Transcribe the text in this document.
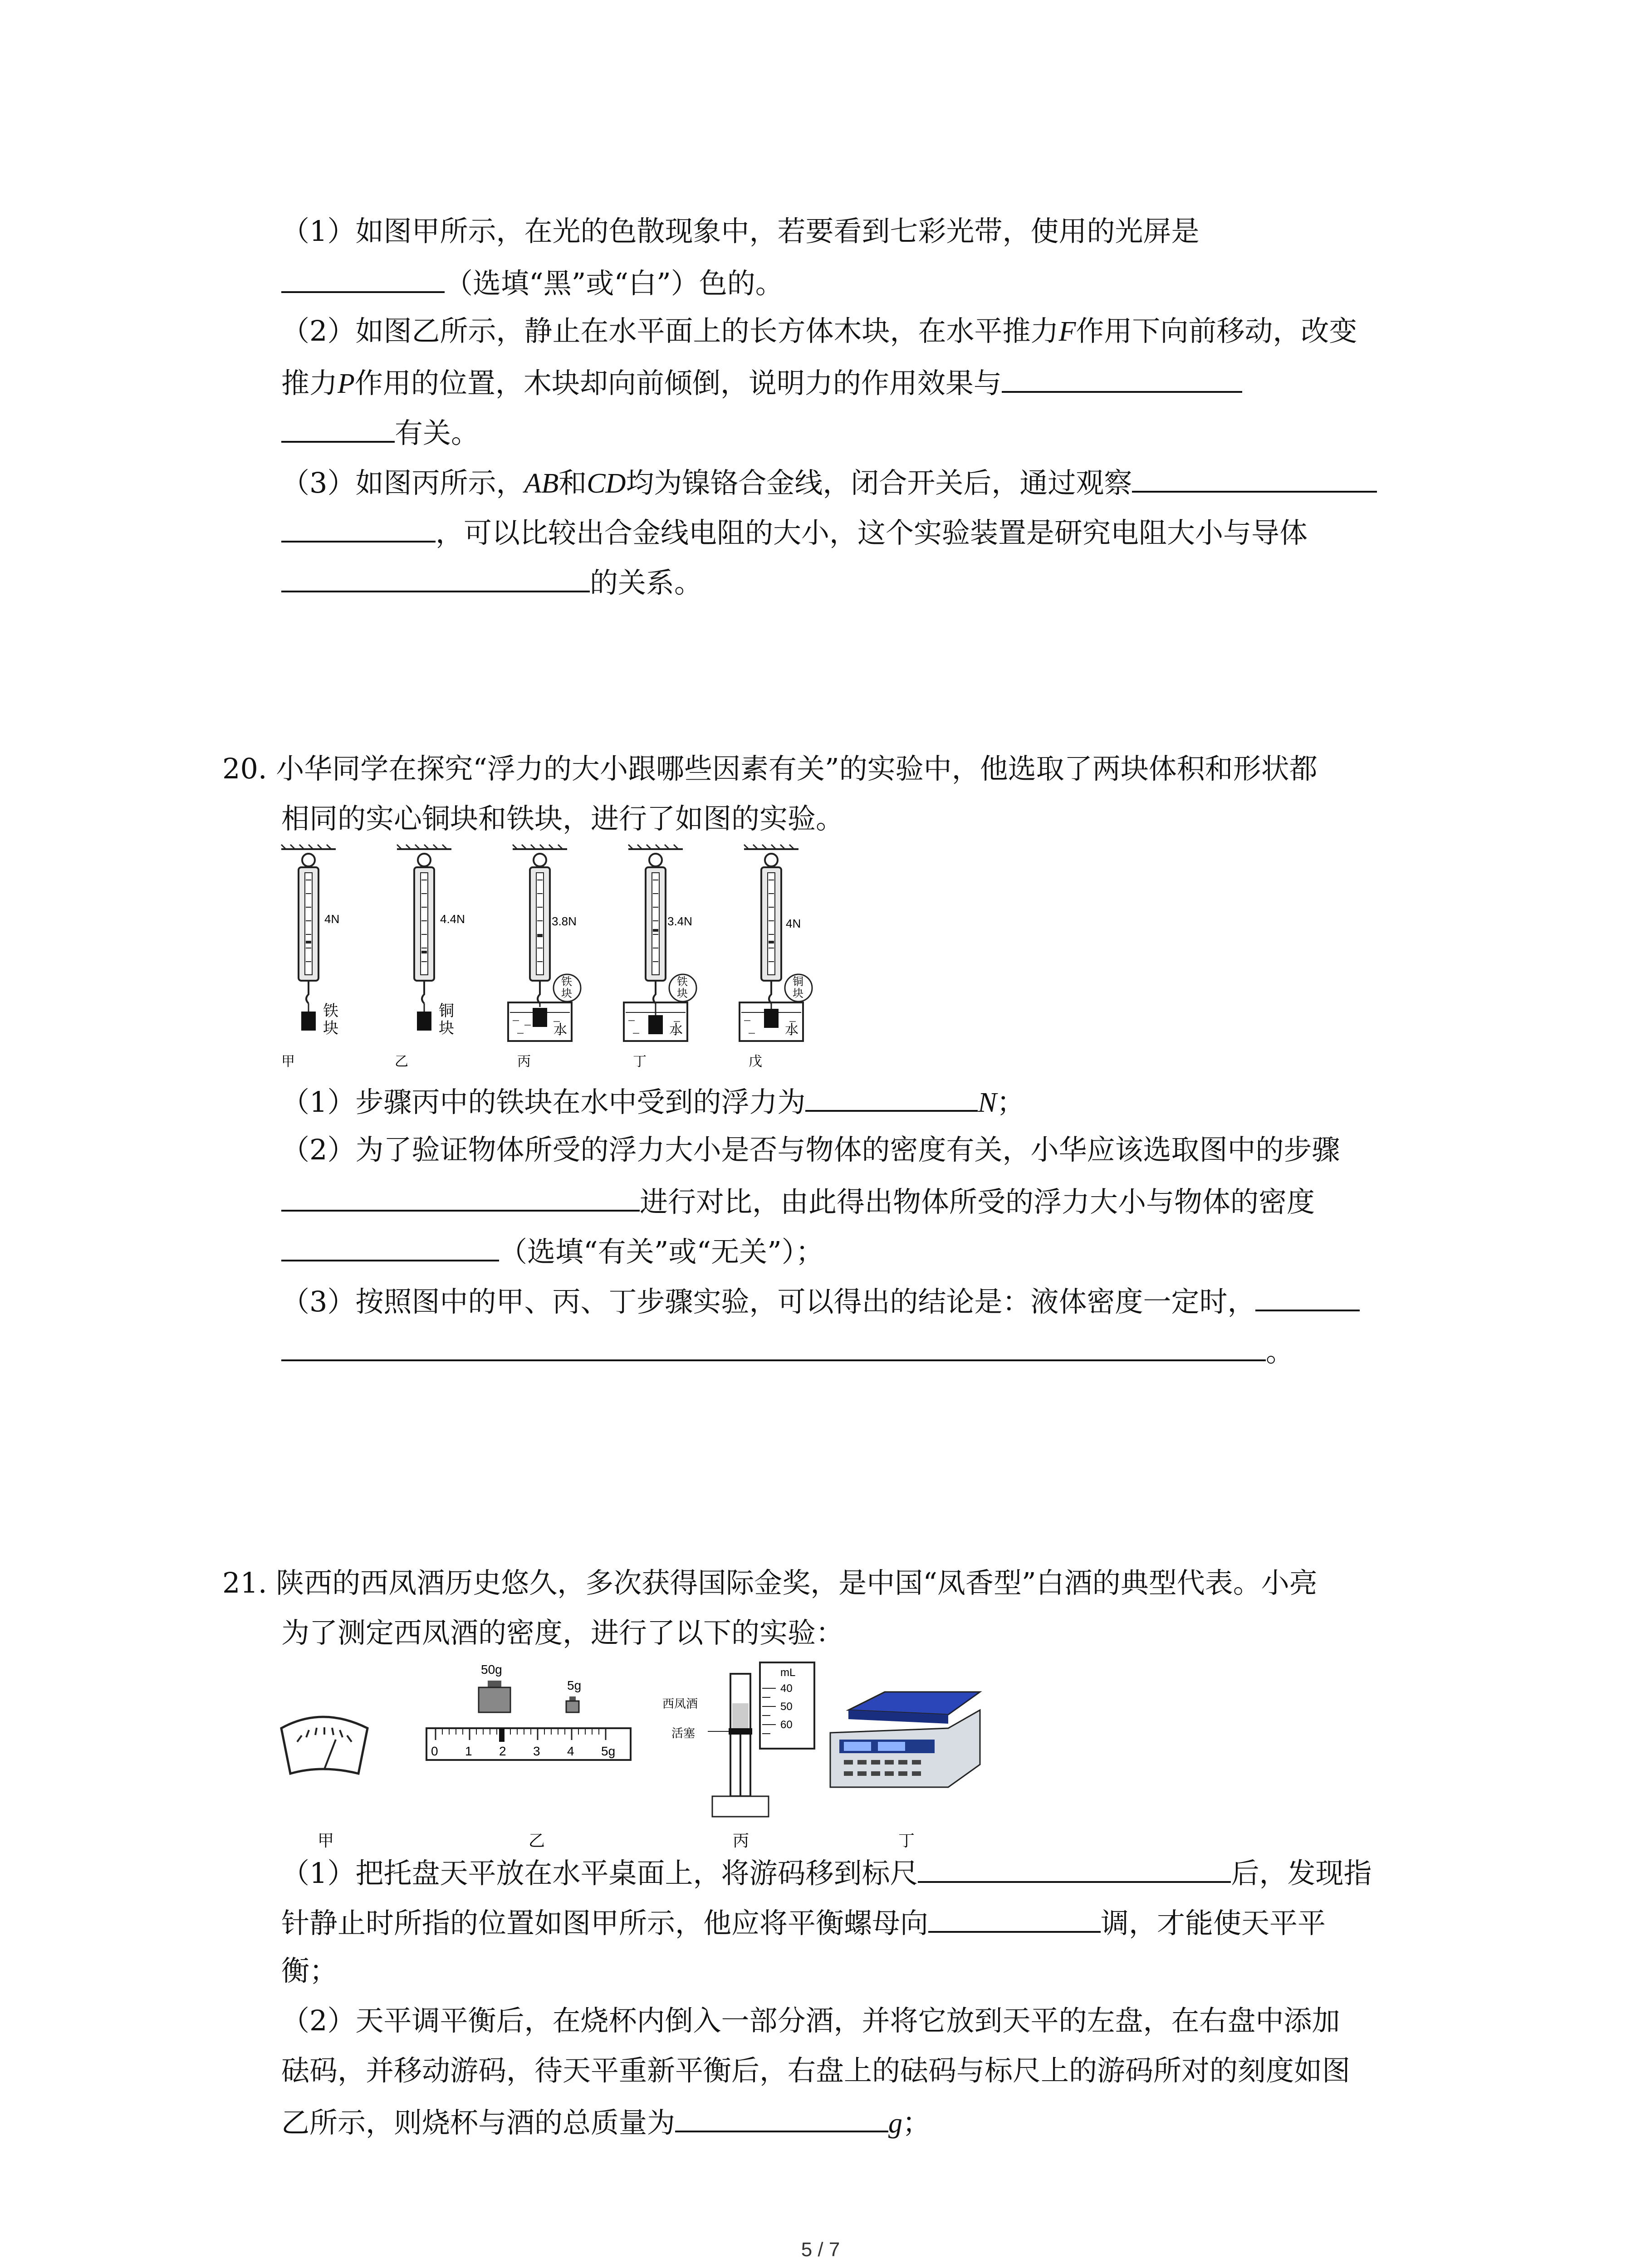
（1）如图甲所示，在光的色散现象中，若要看到七彩光带，使用的光屏是
（选填“黑”或“白”）色的。
（2）如图乙所示，静止在水平面上的长方体木块，在水平推力F作用下向前移动，改变
推力P作用的位置，木块却向前倾倒，说明力的作用效果与
有关。
（3）如图丙所示，AB和CD均为镍铬合金线，闭合开关后，通过观察
，可以比较出合金线电阻的大小，这个实验装置是研究电阻大小与导体
的关系。
20. 小华同学在探究“浮力的大小跟哪些因素有关”的实验中，他选取了两块体积和形状都
相同的实心铜块和铁块，进行了如图的实验。
4N
铁
块
甲
4.4N
铜
块
乙
3.8N
铁
块
水
丙
3.4N
铁
块
水
丁
4N
铜
块
水
戊
（1）步骤丙中的铁块在水中受到的浮力为	N；
（2）为了验证物体所受的浮力大小是否与物体的密度有关，小华应该选取图中的步骤
进行对比，由此得出物体所受的浮力大小与物体的密度
（选填“有关”或“无关”）；
（3）按照图中的甲、丙、丁步骤实验，可以得出的结论是：液体密度一定时，
。
21. 陕西的西凤酒历史悠久，多次获得国际金奖，是中国“凤香型”白酒的典型代表。小亮
为了测定西凤酒的密度，进行了以下的实验：
甲
50g
5g
0 1 2 3 4 5g
乙
mL
40
50
60
西凤酒
活塞
丙	丁
（1）把托盘天平放在水平桌面上，将游码移到标尺	后，发现指
针静止时所指的位置如图甲所示，他应将平衡螺母向	调，才能使天平平
衡；
（2）天平调平衡后，在烧杯内倒入一部分酒，并将它放到天平的左盘，在右盘中添加
砝码，并移动游码，待天平重新平衡后，右盘上的砝码与标尺上的游码所对的刻度如图
乙所示，则烧杯与酒的总质量为	g；
5 / 7
